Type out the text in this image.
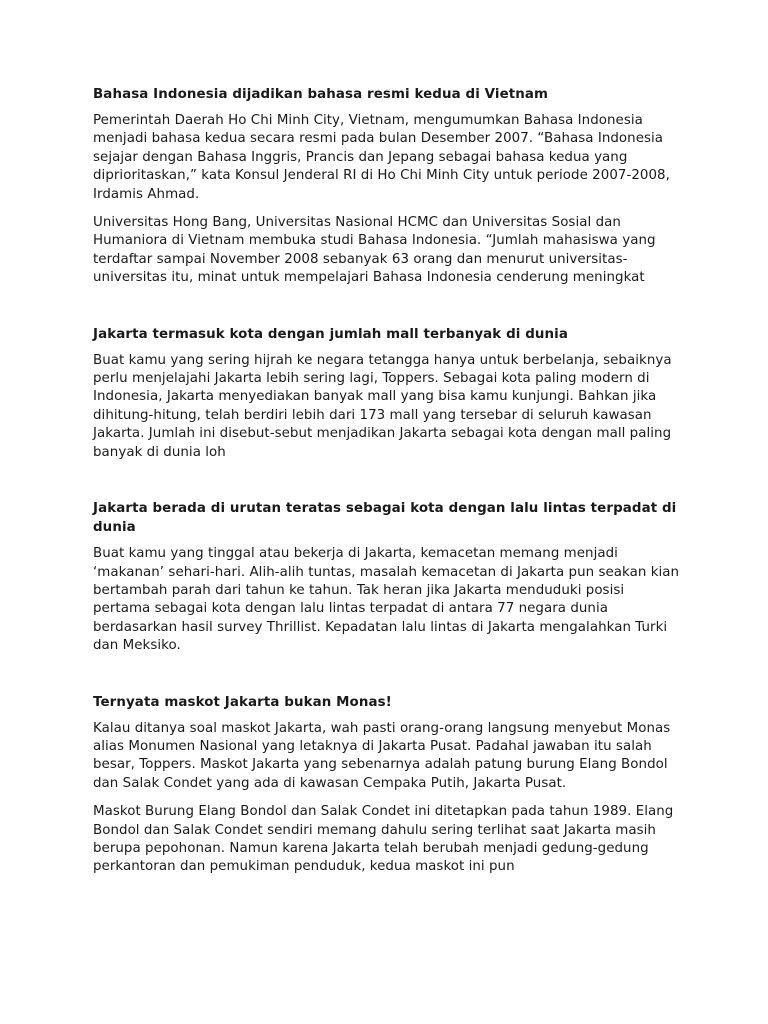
Bahasa Indonesia dijadikan bahasa resmi kedua di Vietnam

Pemerintah Daerah Ho Chi Minh City, Vietnam, mengumumkan Bahasa Indonesia menjadi bahasa kedua secara resmi pada bulan Desember 2007. “Bahasa Indonesia sejajar dengan Bahasa Inggris, Prancis dan Jepang sebagai bahasa kedua yang diprioritaskan,” kata Konsul Jenderal RI di Ho Chi Minh City untuk periode 2007-2008, Irdamis Ahmad.

Universitas Hong Bang, Universitas Nasional HCMC dan Universitas Sosial dan Humaniora di Vietnam membuka studi Bahasa Indonesia. “Jumlah mahasiswa yang terdaftar sampai November 2008 sebanyak 63 orang dan menurut universitas-universitas itu, minat untuk mempelajari Bahasa Indonesia cenderung meningkat

Jakarta termasuk kota dengan jumlah mall terbanyak di dunia

Buat kamu yang sering hijrah ke negara tetangga hanya untuk berbelanja, sebaiknya perlu menjelajahi Jakarta lebih sering lagi, Toppers. Sebagai kota paling modern di Indonesia, Jakarta menyediakan banyak mall yang bisa kamu kunjungi. Bahkan jika dihitung-hitung, telah berdiri lebih dari 173 mall yang tersebar di seluruh kawasan Jakarta. Jumlah ini disebut-sebut menjadikan Jakarta sebagai kota dengan mall paling banyak di dunia loh

Jakarta berada di urutan teratas sebagai kota dengan lalu lintas terpadat di dunia

Buat kamu yang tinggal atau bekerja di Jakarta, kemacetan memang menjadi ‘makanan’ sehari-hari. Alih-alih tuntas, masalah kemacetan di Jakarta pun seakan kian bertambah parah dari tahun ke tahun. Tak heran jika Jakarta menduduki posisi pertama sebagai kota dengan lalu lintas terpadat di antara 77 negara dunia berdasarkan hasil survey Thrillist. Kepadatan lalu lintas di Jakarta mengalahkan Turki dan Meksiko.

Ternyata maskot Jakarta bukan Monas!

Kalau ditanya soal maskot Jakarta, wah pasti orang-orang langsung menyebut Monas alias Monumen Nasional yang letaknya di Jakarta Pusat. Padahal jawaban itu salah besar, Toppers. Maskot Jakarta yang sebenarnya adalah patung burung Elang Bondol dan Salak Condet yang ada di kawasan Cempaka Putih, Jakarta Pusat.

Maskot Burung Elang Bondol dan Salak Condet ini ditetapkan pada tahun 1989. Elang Bondol dan Salak Condet sendiri memang dahulu sering terlihat saat Jakarta masih berupa pepohonan. Namun karena Jakarta telah berubah menjadi gedung-gedung perkantoran dan pemukiman penduduk, kedua maskot ini pun
